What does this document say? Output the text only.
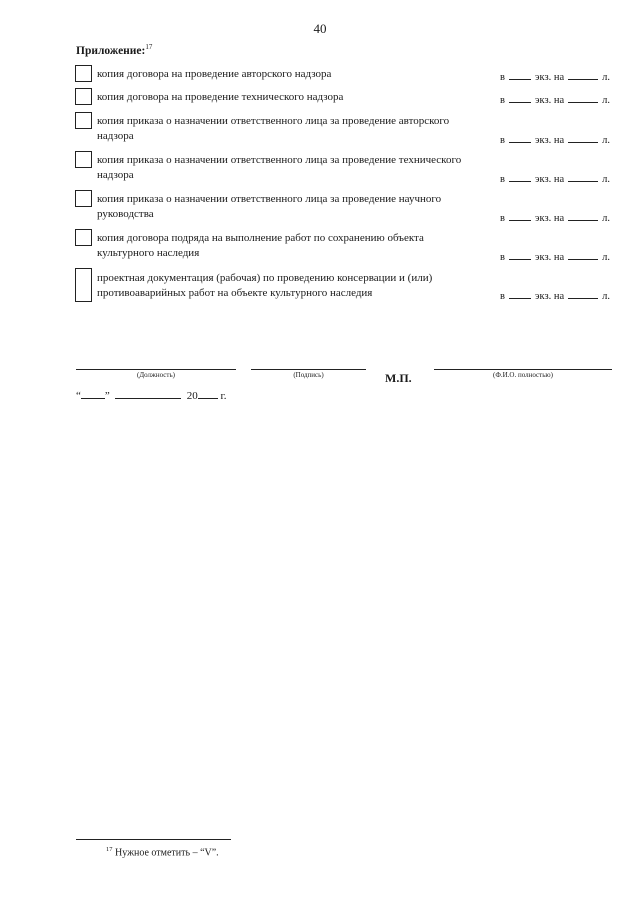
40
Приложение:$^{17}$
копия договора на проведение авторского надзора	в	экз. на	л.
копия договора на проведение технического надзора	в	экз. на	л.
копия приказа о назначении ответственного лица за проведение авторского надзора	в	экз. на	л.
копия приказа о назначении ответственного лица за проведение технического надзора	в	экз. на	л.
копия приказа о назначении ответственного лица за проведение научного руководства	в	экз. на	л.
копия договора подряда на выполнение работ по сохранению объекта культурного наследия	в	экз. на	л.
проектная документация (рабочая) по проведению консервации и (или) противоаварийных работ на объекте культурного наследия	в	экз. на	л.
(Должность)	(Подпись)	М.П.	(Ф.И.О. полностью)
“ ”	20 г.
$^{17}$ Нужное отметить – “V”.
